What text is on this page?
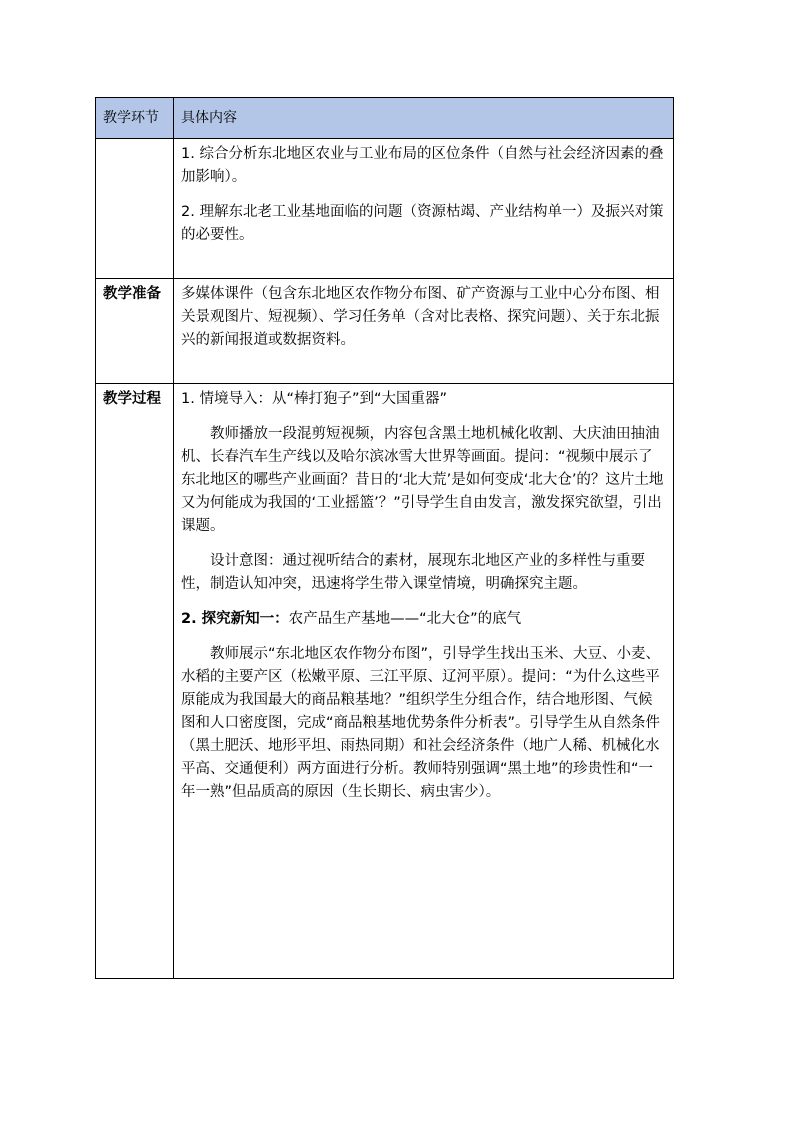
教学环节	具体内容

	1. 综合分析东北地区农业与工业布局的区位条件（自然与社会经济因素的叠加影响）。

2. 理解东北老工业基地面临的问题（资源枯竭、产业结构单一）及振兴对策的必要性。

教学准备	多媒体课件（包含东北地区农作物分布图、矿产资源与工业中心分布图、相关景观图片、短视频）、学习任务单（含对比表格、探究问题）、关于东北振兴的新闻报道或数据资料。

教学过程	1. 情境导入：从“棒打狍子”到“大国重器”

教师播放一段混剪短视频，内容包含黑土地机械化收割、大庆油田抽油机、长春汽车生产线以及哈尔滨冰雪大世界等画面。提问：“视频中展示了东北地区的哪些产业画面？昔日的‘北大荒’是如何变成‘北大仓’的？这片土地又为何能成为我国的‘工业摇篮’？”引导学生自由发言，激发探究欲望，引出课题。

设计意图：通过视听结合的素材，展现东北地区产业的多样性与重要性，制造认知冲突，迅速将学生带入课堂情境，明确探究主题。

2. 探究新知一：农产品生产基地——“北大仓”的底气

教师展示“东北地区农作物分布图”，引导学生找出玉米、大豆、小麦、水稻的主要产区（松嫩平原、三江平原、辽河平原）。提问：“为什么这些平原能成为我国最大的商品粮基地？”组织学生分组合作，结合地形图、气候图和人口密度图，完成“商品粮基地优势条件分析表”。引导学生从自然条件（黑土肥沃、地形平坦、雨热同期）和社会经济条件（地广人稀、机械化水平高、交通便利）两方面进行分析。教师特别强调“黑土地”的珍贵性和“一年一熟”但品质高的原因（生长期长、病虫害少）。
